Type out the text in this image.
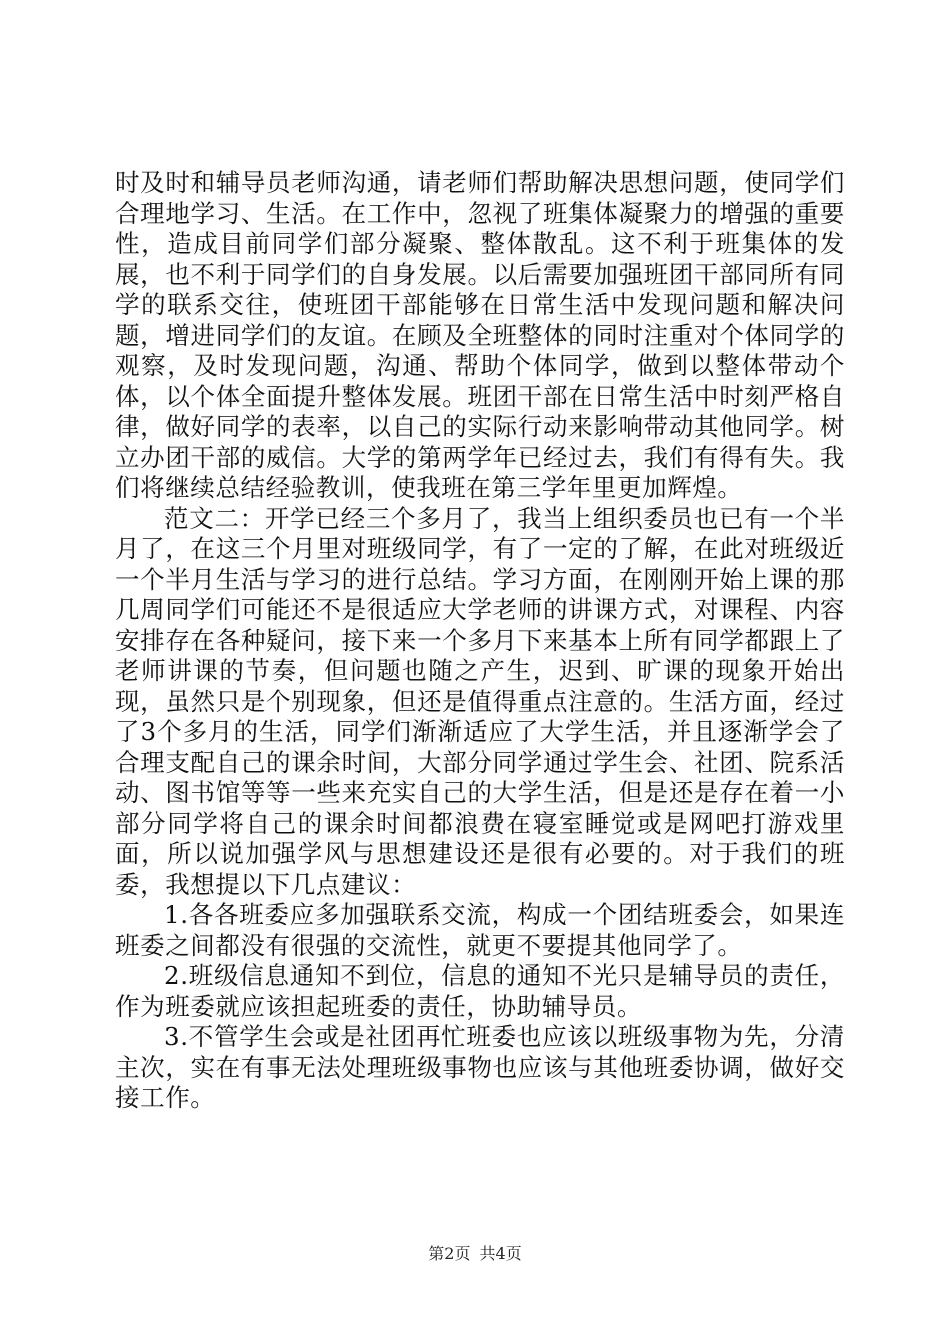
时及时和辅导员老师沟通，请老师们帮助解决思想问题，使同学们合理地学习、生活。在工作中，忽视了班集体凝聚力的增强的重要性，造成目前同学们部分凝聚、整体散乱。这不利于班集体的发展，也不利于同学们的自身发展。以后需要加强班团干部同所有同学的联系交往，使班团干部能够在日常生活中发现问题和解决问题，增进同学们的友谊。在顾及全班整体的同时注重对个体同学的观察，及时发现问题，沟通、帮助个体同学，做到以整体带动个体，以个体全面提升整体发展。班团干部在日常生活中时刻严格自律，做好同学的表率，以自己的实际行动来影响带动其他同学。树立办团干部的威信。大学的第两学年已经过去，我们有得有失。我们将继续总结经验教训，使我班在第三学年里更加辉煌。

范文二：开学已经三个多月了，我当上组织委员也已有一个半月了，在这三个月里对班级同学，有了一定的了解，在此对班级近一个半月生活与学习的进行总结。学习方面，在刚刚开始上课的那几周同学们可能还不是很适应大学老师的讲课方式，对课程、内容安排存在各种疑问，接下来一个多月下来基本上所有同学都跟上了老师讲课的节奏，但问题也随之产生，迟到、旷课的现象开始出现，虽然只是个别现象，但还是值得重点注意的。生活方面，经过了3个多月的生活，同学们渐渐适应了大学生活，并且逐渐学会了合理支配自己的课余时间，大部分同学通过学生会、社团、院系活动、图书馆等等一些来充实自己的大学生活，但是还是存在着一小部分同学将自己的课余时间都浪费在寝室睡觉或是网吧打游戏里面，所以说加强学风与思想建设还是很有必要的。对于我们的班委，我想提以下几点建议：

1.各各班委应多加强联系交流，构成一个团结班委会，如果连班委之间都没有很强的交流性，就更不要提其他同学了。

2.班级信息通知不到位，信息的通知不光只是辅导员的责任，作为班委就应该担起班委的责任，协助辅导员。

3.不管学生会或是社团再忙班委也应该以班级事物为先，分清主次，实在有事无法处理班级事物也应该与其他班委协调，做好交接工作。

第2页 共4页
